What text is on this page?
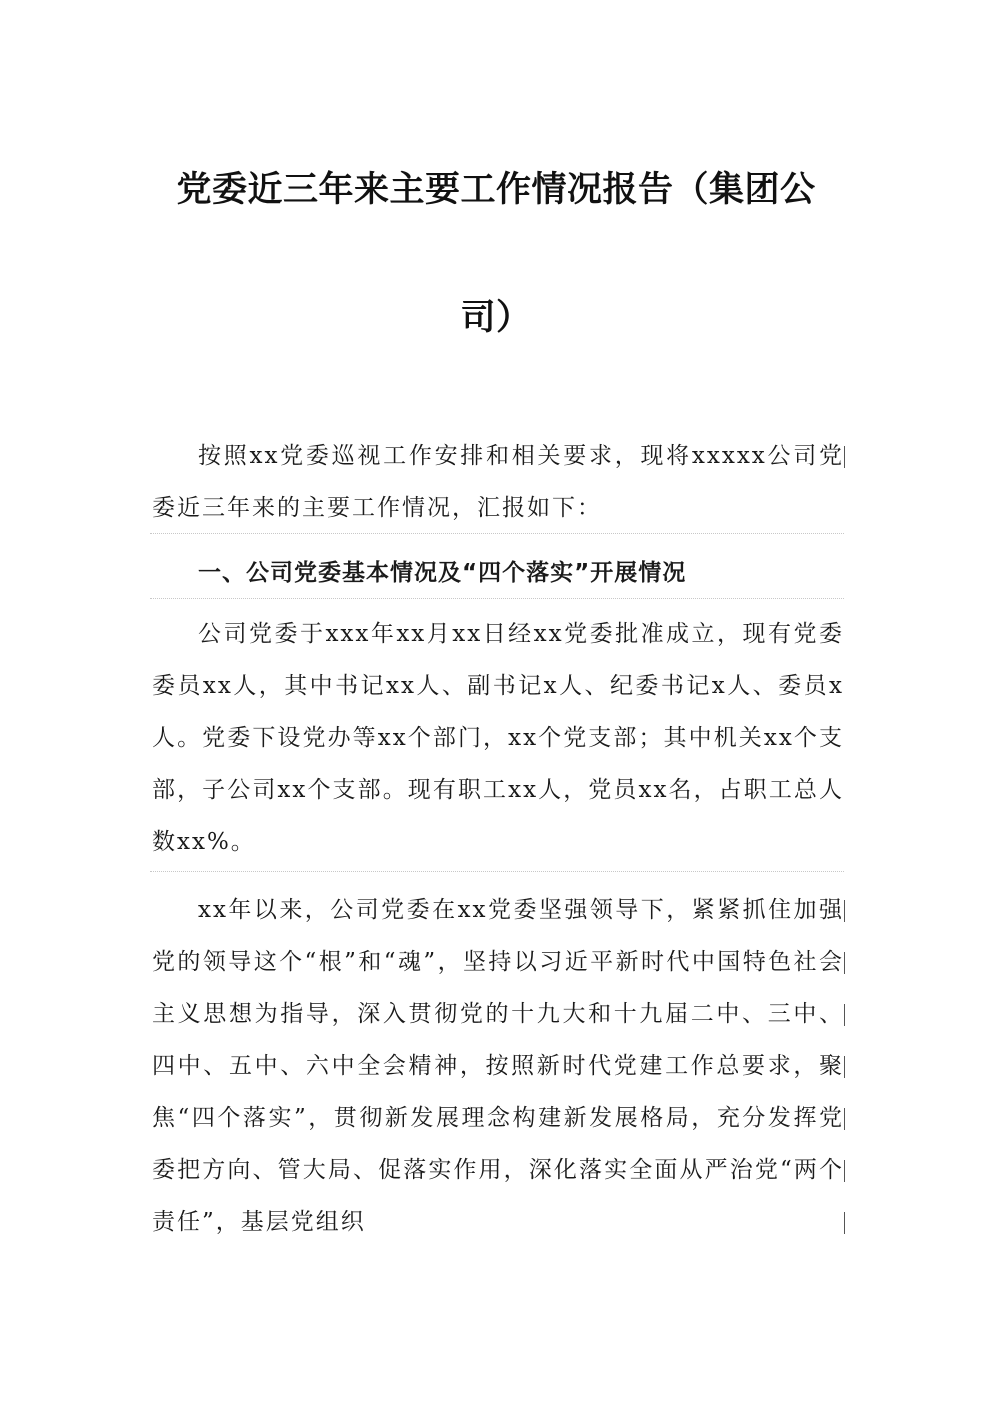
党委近三年来主要工作情况报告（集团公
司）
按照xx党委巡视工作安排和相关要求，现将xxxxx公司党委近三年来的主要工作情况，汇报如下：
一、公司党委基本情况及“四个落实”开展情况
公司党委于xxx年xx月xx日经xx党委批准成立，现有党委委员xx人，其中书记xx人、副书记x人、纪委书记x人、委员x人。党委下设党办等xx个部门，xx个党支部；其中机关xx个支部，子公司xx个支部。现有职工xx人，党员xx名，占职工总人数xx%。
xx年以来，公司党委在xx党委坚强领导下，紧紧抓住加强党的领导这个“根”和“魂”，坚持以习近平新时代中国特色社会主义思想为指导，深入贯彻党的十九大和十九届二中、三中、四中、五中、六中全会精神，按照新时代党建工作总要求，聚焦“四个落实”，贯彻新发展理念构建新发展格局，充分发挥党委把方向、管大局、促落实作用，深化落实全面从严治党“两个责任”，基层党组织
